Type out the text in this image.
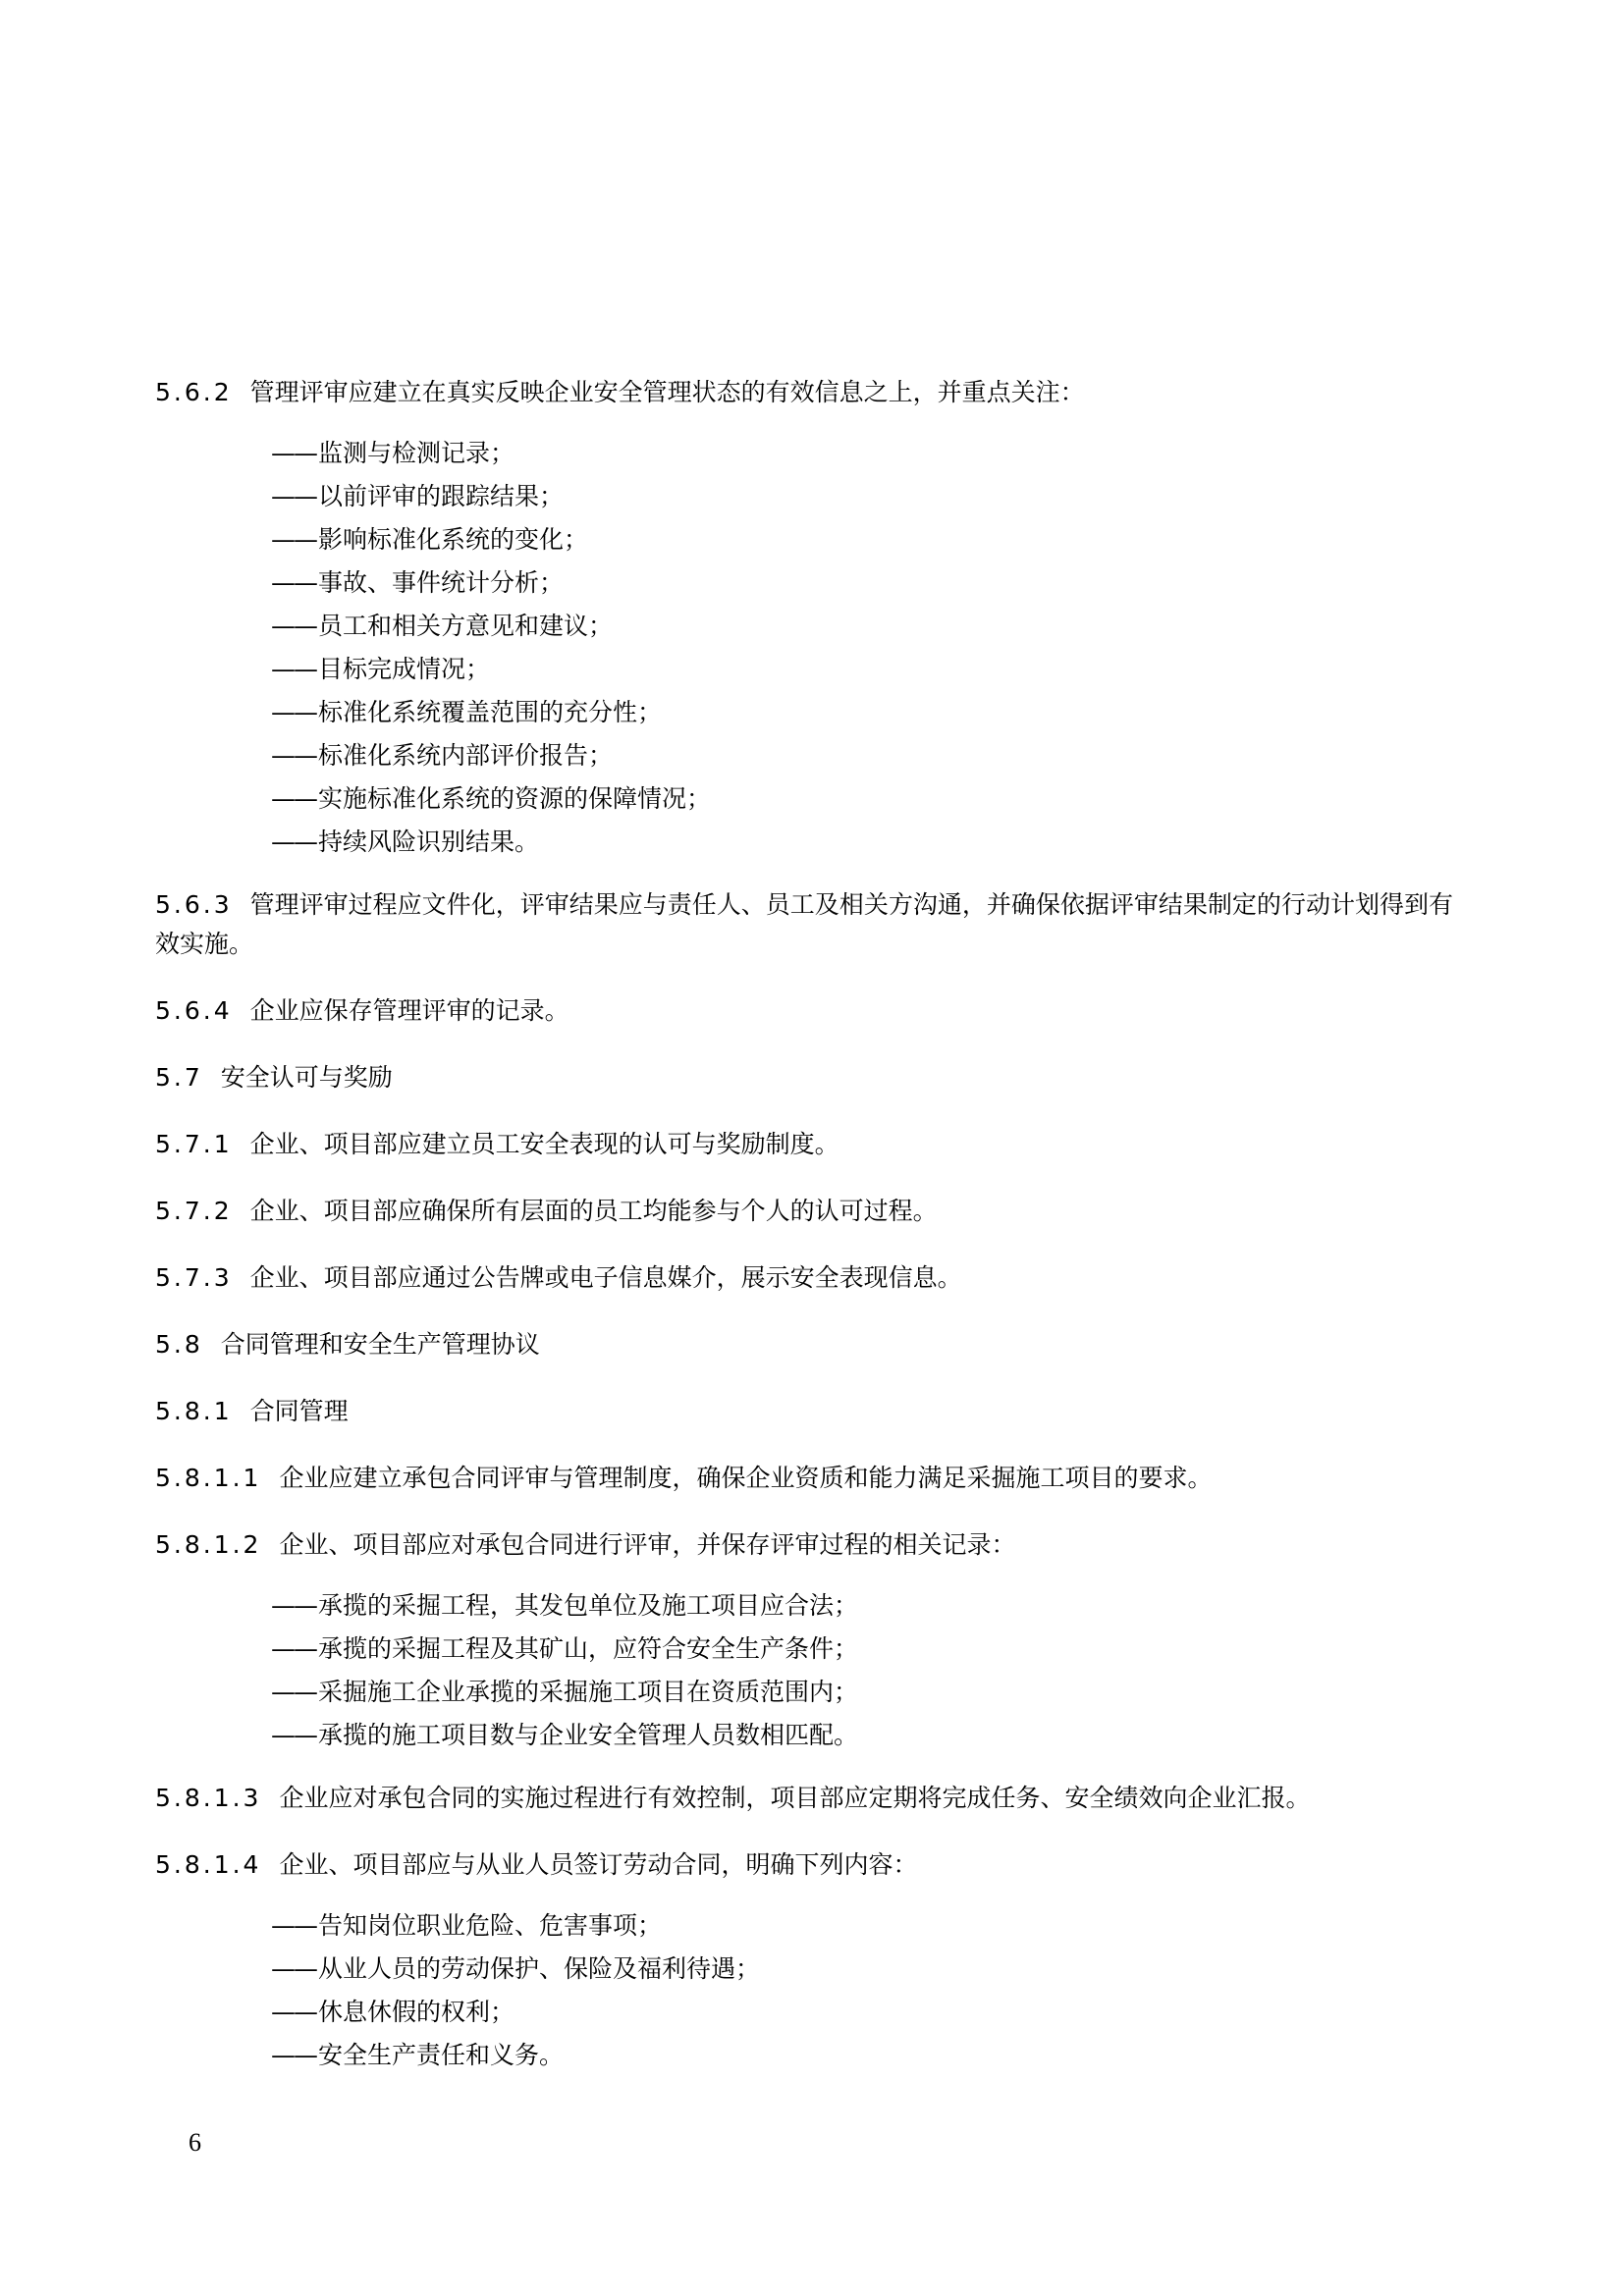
5.6.2 管理评审应建立在真实反映企业安全管理状态的有效信息之上，并重点关注：

—— 监测与检测记录；
—— 以前评审的跟踪结果；
—— 影响标准化系统的变化；
—— 事故、事件统计分析；
—— 员工和相关方意见和建议；
—— 目标完成情况；
—— 标准化系统覆盖范围的充分性；
—— 标准化系统内部评价报告；
—— 实施标准化系统的资源的保障情况；
—— 持续风险识别结果。

5.6.3 管理评审过程应文件化，评审结果应与责任人、员工及相关方沟通，并确保依据评审结果制定的行动计划得到有效实施。

5.6.4 企业应保存管理评审的记录。

5.7 安全认可与奖励

5.7.1 企业、项目部应建立员工安全表现的认可与奖励制度。

5.7.2 企业、项目部应确保所有层面的员工均能参与个人的认可过程。

5.7.3 企业、项目部应通过公告牌或电子信息媒介，展示安全表现信息。

5.8 合同管理和安全生产管理协议

5.8.1 合同管理

5.8.1.1 企业应建立承包合同评审与管理制度，确保企业资质和能力满足采掘施工项目的要求。

5.8.1.2 企业、项目部应对承包合同进行评审，并保存评审过程的相关记录：

—— 承揽的采掘工程，其发包单位及施工项目应合法；
—— 承揽的采掘工程及其矿山，应符合安全生产条件；
—— 采掘施工企业承揽的采掘施工项目在资质范围内；
—— 承揽的施工项目数与企业安全管理人员数相匹配。

5.8.1.3 企业应对承包合同的实施过程进行有效控制，项目部应定期将完成任务、安全绩效向企业汇报。

5.8.1.4 企业、项目部应与从业人员签订劳动合同，明确下列内容：

—— 告知岗位职业危险、危害事项；
—— 从业人员的劳动保护、保险及福利待遇；
—— 休息休假的权利；
—— 安全生产责任和义务。
6
